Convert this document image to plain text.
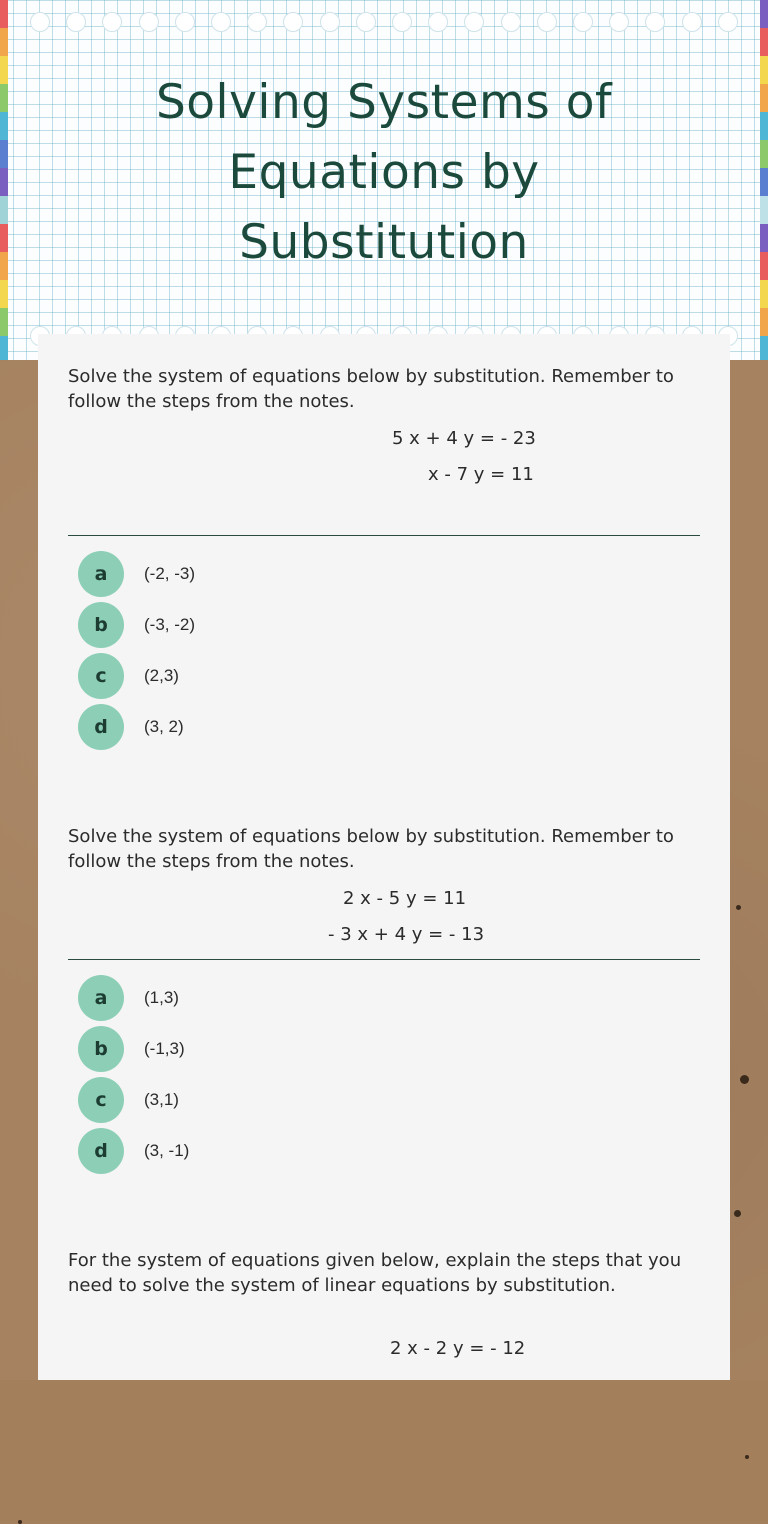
Solving Systems of
Equations by
Substitution
Solve the system of equations below by substitution. Remember to follow the steps from the notes.
5 x + 4 y = - 23
x - 7 y = 11
a	(-2, -3)
b	(-3, -2)
c	(2,3)
d	(3, 2)
Solve the system of equations below by substitution. Remember to follow the steps from the notes.
2 x - 5 y = 11
- 3 x + 4 y = - 13
a	(1,3)
b	(-1,3)
c	(3,1)
d	(3, -1)
For the system of equations given below, explain the steps that you need to solve the system of linear equations by substitution.
2 x - 2 y = - 12
